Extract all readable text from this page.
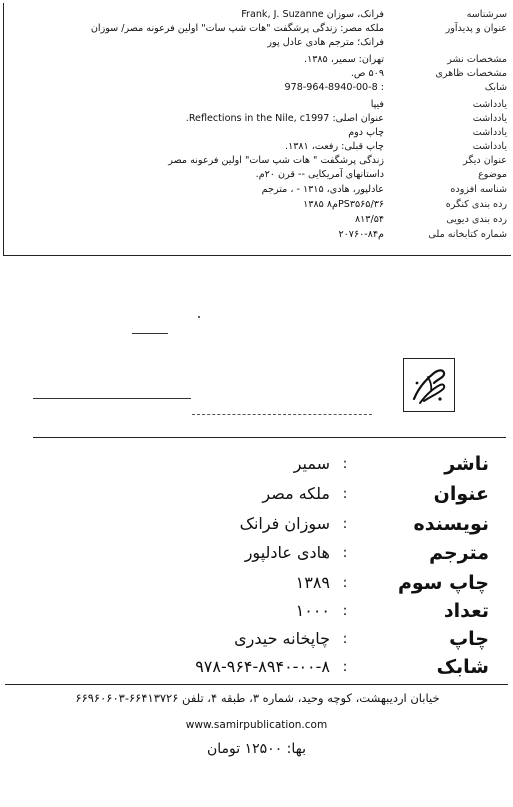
سرشناسه
فرانک، سوزان Frank, J. Suzanne
عنوان و پدیدآور
ملکه مصر: زندگی پرشگفت "هات شپ سات" اولین فرعونه مصر/ سوزان
فرانک؛ مترجم هادی عادل پور
مشخصات نشر
تهران: سمیر، ۱۳۸۵.
مشخصات ظاهری
۵۰۹ ص.
شابک
978-964-8940-00-8 :
یادداشت
فیپا
یادداشت
عنوان اصلی: Reflections in the Nile, c1997.
یادداشت
چاپ دوم
یادداشت
چاپ قبلی: رفعت، ۱۳۸۱.
عنوان دیگر
زندگی پرشگفت " هات شپ سات" اولین فرعونه مصر
موضوع
داستانهای آمریکایی -- قرن ۲۰م.
شناسه افزوده
عادلپور، هادی، ۱۳۱۵ - ، مترجم
رده بندی کنگره
PS۳۵۶۵/۳۶م۸ ۱۳۸۵
رده بندی دیویی
۸۱۳/۵۴
شماره کتابخانه ملی
م۸۴-۲۰۷۶۰
ناشر
:
سمیر
عنوان
:
ملکه مصر
نویسنده
:
سوزان فرانک
مترجم
:
هادی عادلپور
چاپ سوم
:
۱۳۸۹
تعداد
:
۱۰۰۰
چاپ
:
چاپخانه حیدری
شابک
:
۹۷۸-۹۶۴-۸۹۴۰-۰۰-۸
خیابان اردیبهشت، کوچه وحید، شماره ۳، طبقه ۴، تلفن ۶۶۴۱۳۷۲۶-۶۶۹۶۰۶۰۳
www.samirpublication.com
بها: ۱۲۵۰۰ تومان
